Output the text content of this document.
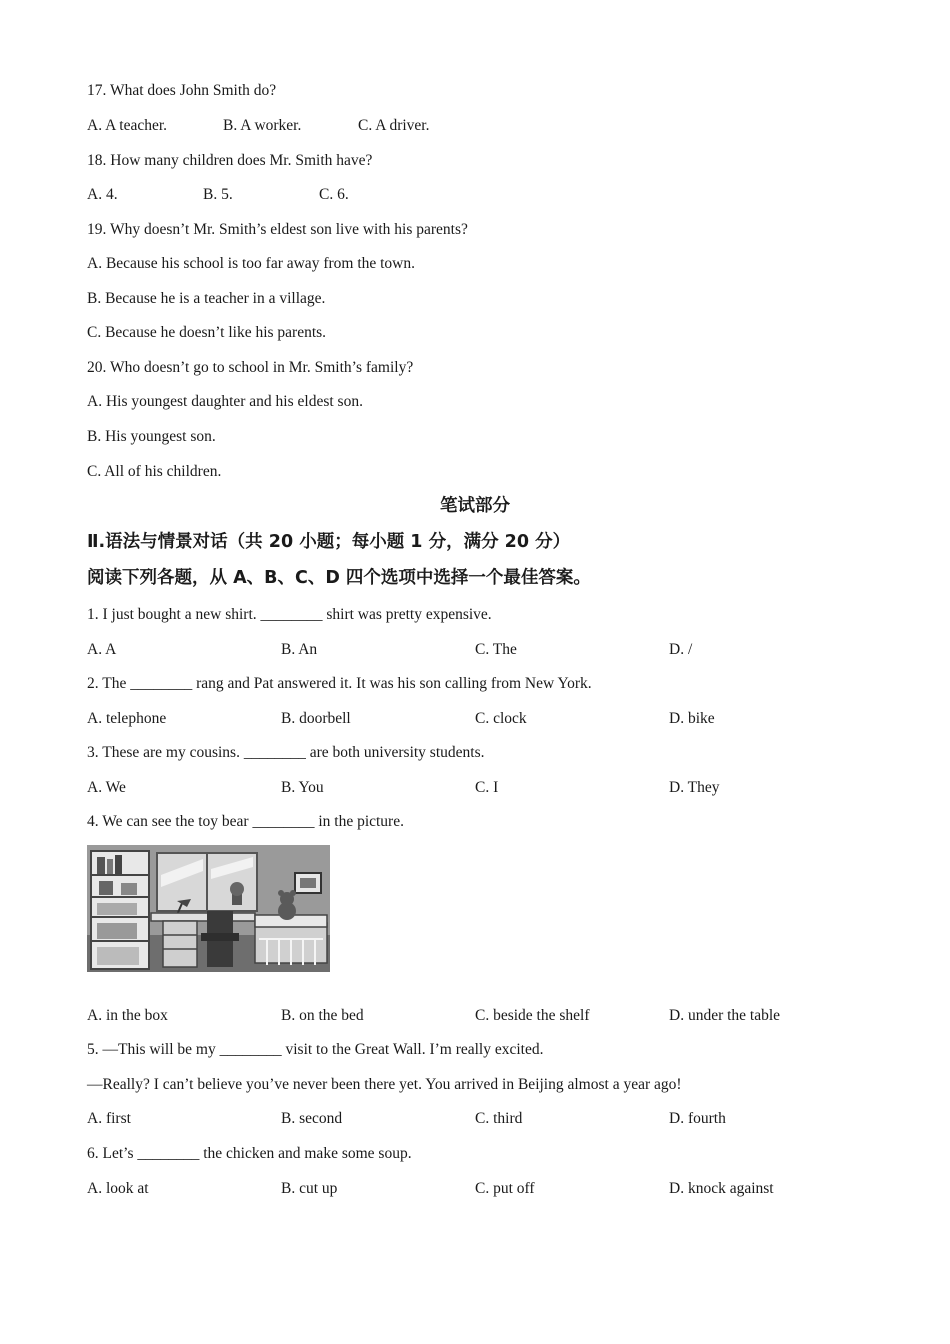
17. What does John Smith do?
A. A teacher.	B. A worker.	C. A driver.
18. How many children does Mr. Smith have?
A. 4.	B. 5.	C. 6.
19. Why doesn’t Mr. Smith’s eldest son live with his parents?
A. Because his school is too far away from the town.
B. Because he is a teacher in a village.
C. Because he doesn’t like his parents.
20. Who doesn’t go to school in Mr. Smith’s family?
A. His youngest daughter and his eldest son.
B. His youngest son.
C. All of his children.
笔试部分
Ⅱ.语法与情景对话（共 20 小题；每小题 1 分，满分 20 分）
阅读下列各题，从 A、B、C、D 四个选项中选择一个最佳答案。
1. I just bought a new shirt. ________ shirt was pretty expensive.
A. A	B. An	C. The	D. /
2. The ________ rang and Pat answered it. It was his son calling from New York.
A. telephone	B. doorbell	C. clock	D. bike
3. These are my cousins. ________ are both university students.
A. We	B. You	C. I	D. They
4. We can see the toy bear ________ in the picture.
A. in the box	B. on the bed	C. beside the shelf	D. under the table
5. —This will be my ________ visit to the Great Wall. I’m really excited.
—Really? I can’t believe you’ve never been there yet. You arrived in Beijing almost a year ago!
A. first	B. second	C. third	D. fourth
6. Let’s ________ the chicken and make some soup.
A. look at	B. cut up	C. put off	D. knock against
